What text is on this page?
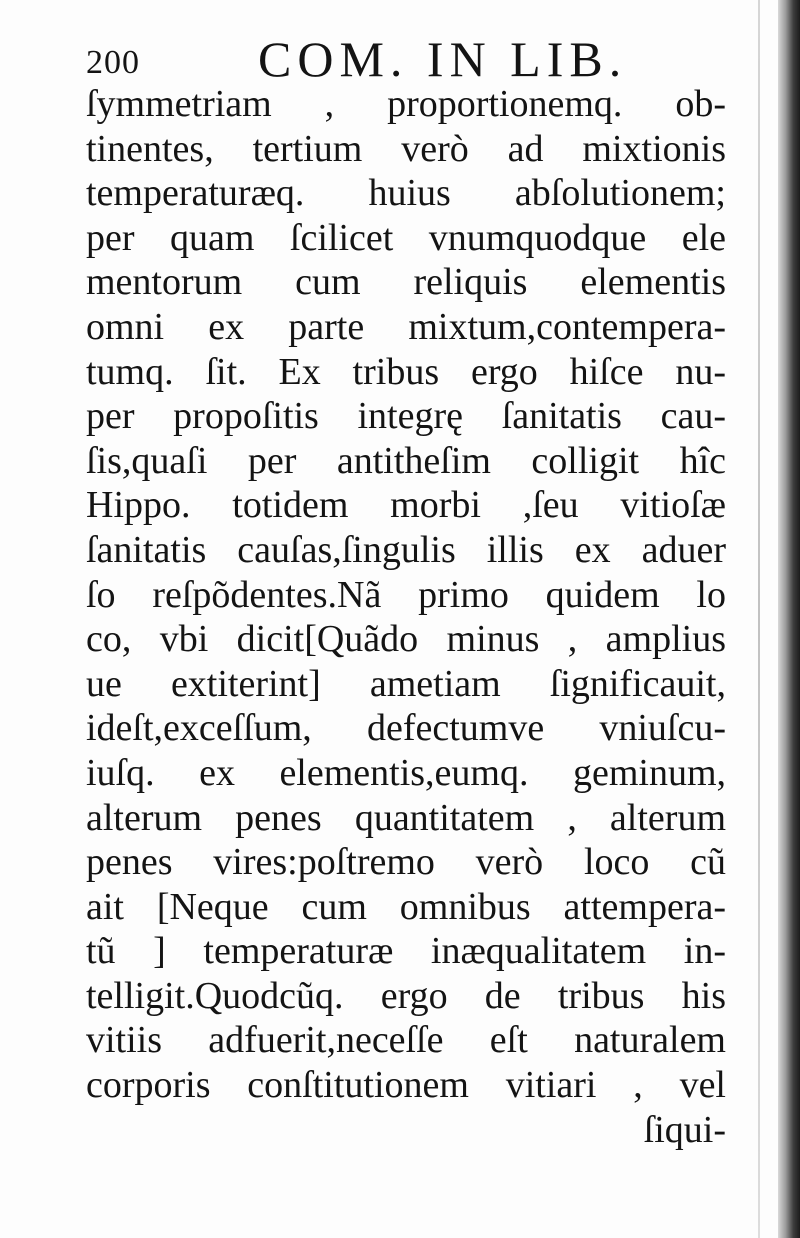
200 COM. IN LIB.
ſymmetriam , proportionemq. ob-
tinentes, tertium verò ad mixtionis
temperaturæq. huius abſolutionem;
per quam ſcilicet vnumquodque ele
mentorum cum reliquis elementis
omni ex parte mixtum,contempera-
tumq. ſit. Ex tribus ergo hiſce nu-
per propoſitis integrę ſanitatis cau-
ſis,quaſi per antitheſim colligit hîc
Hippo. totidem morbi ,ſeu vitioſæ
ſanitatis cauſas,ſingulis illis ex aduer
ſo reſpõdentes.Nã primo quidem lo
co, vbi dicit[Quãdo minus , amplius
ue extiterint] ametiam ſignificauit,
ideſt,exceſſum, defectumve vniuſcu-
iuſq. ex elementis,eumq. geminum,
alterum penes quantitatem , alterum
penes vires:poſtremo verò loco cũ
ait [Neque cum omnibus attempera-
tũ ] temperaturæ inæqualitatem in-
telligit.Quodcũq. ergo de tribus his
vitiis adfuerit,neceſſe eſt naturalem
corporis conſtitutionem vitiari , vel
ſiqui-
